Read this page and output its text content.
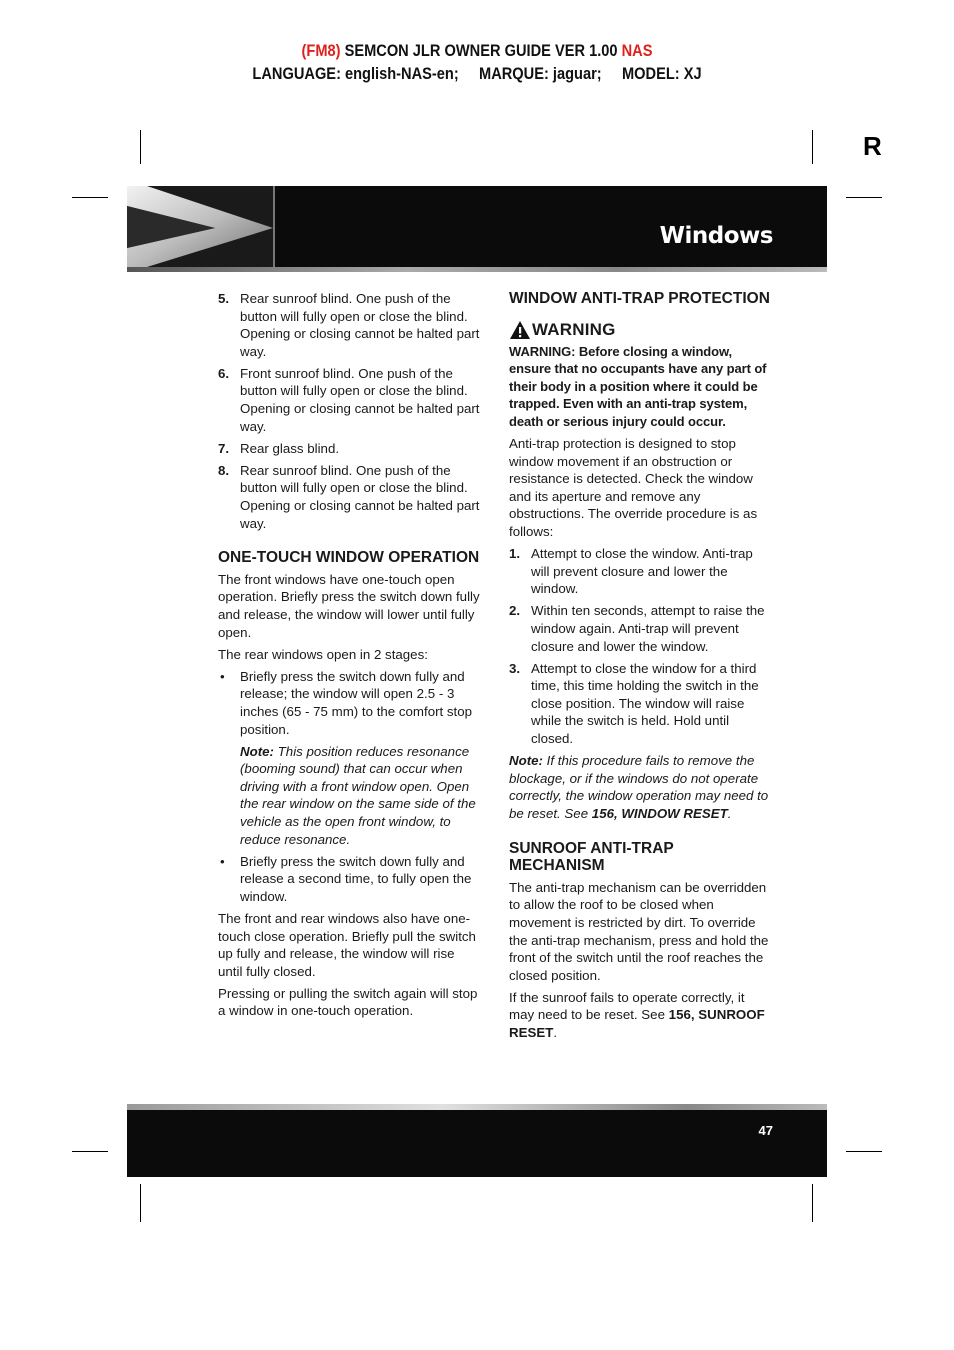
(FM8) SEMCON JLR OWNER GUIDE VER 1.00 NAS
LANGUAGE: english-NAS-en;     MARQUE: jaguar;     MODEL: XJ
R
Windows
5. Rear sunroof blind. One push of the button will fully open or close the blind. Opening or closing cannot be halted part way.
6. Front sunroof blind. One push of the button will fully open or close the blind. Opening or closing cannot be halted part way.
7. Rear glass blind.
8. Rear sunroof blind. One push of the button will fully open or close the blind. Opening or closing cannot be halted part way.
ONE-TOUCH WINDOW OPERATION

The front windows have one-touch open operation. Briefly press the switch down fully and release, the window will lower until fully open.

The rear windows open in 2 stages:

• Briefly press the switch down fully and release; the window will open 2.5 - 3 inches (65 - 75 mm) to the comfort stop position.

Note: This position reduces resonance (booming sound) that can occur when driving with a front window open. Open the rear window on the same side of the vehicle as the open front window, to reduce resonance.

• Briefly press the switch down fully and release a second time, to fully open the window.

The front and rear windows also have one-touch close operation. Briefly pull the switch up fully and release, the window will rise until fully closed.

Pressing or pulling the switch again will stop a window in one-touch operation.

WINDOW ANTI-TRAP PROTECTION
WARNING

WARNING: Before closing a window, ensure that no occupants have any part of their body in a position where it could be trapped. Even with an anti-trap system, death or serious injury could occur.

Anti-trap protection is designed to stop window movement if an obstruction or resistance is detected. Check the window and its aperture and remove any obstructions. The override procedure is as follows:

1. Attempt to close the window. Anti-trap will prevent closure and lower the window.
2. Within ten seconds, attempt to raise the window again. Anti-trap will prevent closure and lower the window.
3. Attempt to close the window for a third time, this time holding the switch in the close position. The window will raise while the switch is held. Hold until closed.

Note: If this procedure fails to remove the blockage, or if the windows do not operate correctly, the window operation may need to be reset. See 156, WINDOW RESET.

SUNROOF ANTI-TRAP MECHANISM

The anti-trap mechanism can be overridden to allow the roof to be closed when movement is restricted by dirt. To override the anti-trap mechanism, press and hold the front of the switch until the roof reaches the closed position.

If the sunroof fails to operate correctly, it may need to be reset. See 156, SUNROOF RESET.

47
